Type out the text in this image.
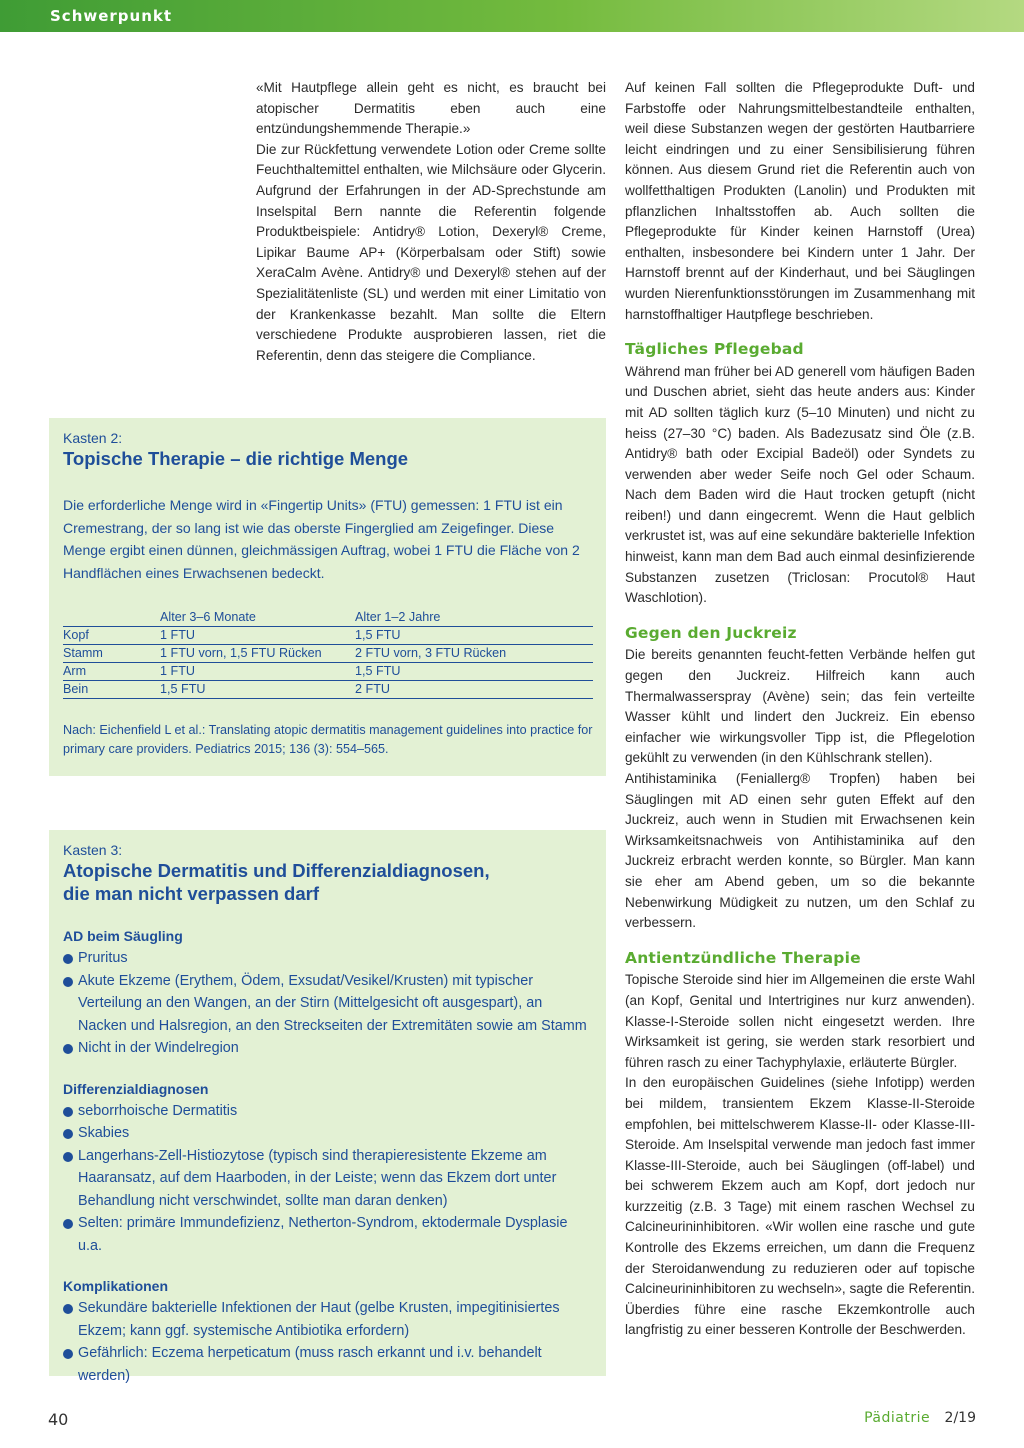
Schwerpunkt

«Mit Hautpflege allein geht es nicht, es braucht bei atopischer Dermatitis eben auch eine entzündungshemmende Therapie.»

Die zur Rückfettung verwendete Lotion oder Creme sollte Feuchthaltemittel enthalten, wie Milchsäure oder Glycerin. Aufgrund der Erfahrungen in der AD-Sprechstunde am Inselspital Bern nannte die Referentin folgende Produktbeispiele: Antidry® Lotion, Dexeryl® Creme, Lipikar Baume AP+ (Körperbalsam oder Stift) sowie XeraCalm Avène. Antidry® und Dexeryl® stehen auf der Spezialitätenliste (SL) und werden mit einer Limitatio von der Krankenkasse bezahlt. Man sollte die Eltern verschiedene Produkte ausprobieren lassen, riet die Referentin, denn das steigere die Compliance.

Kasten 2:
Topische Therapie – die richtige Menge
Die erforderliche Menge wird in «Fingertip Units» (FTU) gemessen: 1 FTU ist ein Cremestrang, der so lang ist wie das oberste Fingerglied am Zeigefinger. Diese Menge ergibt einen dünnen, gleichmässigen Auftrag, wobei 1 FTU die Fläche von 2 Handflächen eines Erwachsenen bedeckt.
	Alter 3–6 Monate	Alter 1–2 Jahre
Kopf	1 FTU	1,5 FTU
Stamm	1 FTU vorn, 1,5 FTU Rücken	2 FTU vorn, 3 FTU Rücken
Arm	1 FTU	1,5 FTU
Bein	1,5 FTU	2 FTU
Nach: Eichenfield L et al.: Translating atopic dermatitis management guidelines into practice for primary care providers. Pediatrics 2015; 136 (3): 554–565.
Kasten 3:
Atopische Dermatitis und Differenzialdiagnosen,
die man nicht verpassen darf
AD beim Säugling
Pruritus
Akute Ekzeme (Erythem, Ödem, Exsudat/Vesikel/Krusten) mit typischer Verteilung an den Wangen, an der Stirn (Mittelgesicht oft ausgespart), an Nacken und Halsregion, an den Streckseiten der Extremitäten sowie am Stamm
Nicht in der Windelregion
Differenzialdiagnosen
seborrhoische Dermatitis
Skabies
Langerhans-Zell-Histiozytose (typisch sind therapieresistente Ekzeme am Haaransatz, auf dem Haarboden, in der Leiste; wenn das Ekzem dort unter Behandlung nicht verschwindet, sollte man daran denken)
Selten: primäre Immundefizienz, Netherton-Syndrom, ektodermale Dysplasie u.a.
Komplikationen
Sekundäre bakterielle Infektionen der Haut (gelbe Krusten, impegitinisiertes Ekzem; kann ggf. systemische Antibiotika erfordern)
Gefährlich: Eczema herpeticatum (muss rasch erkannt und i.v. behandelt werden)

Auf keinen Fall sollten die Pflegeprodukte Duft- und Farbstoffe oder Nahrungsmittelbestandteile enthalten, weil diese Substanzen wegen der gestörten Hautbarriere leicht eindringen und zu einer Sensibilisierung führen können. Aus diesem Grund riet die Referentin auch von wollfetthaltigen Produkten (Lanolin) und Produkten mit pflanzlichen Inhaltsstoffen ab. Auch sollten die Pflegeprodukte für Kinder keinen Harnstoff (Urea) enthalten, insbesondere bei Kindern unter 1 Jahr. Der Harnstoff brennt auf der Kinderhaut, und bei Säuglingen wurden Nierenfunktionsstörungen im Zusammenhang mit harnstoffhaltiger Hautpflege beschrieben.

Tägliches Pflegebad

Während man früher bei AD generell vom häufigen Baden und Duschen abriet, sieht das heute anders aus: Kinder mit AD sollten täglich kurz (5–10 Minuten) und nicht zu heiss (27–30 °C) baden. Als Badezusatz sind Öle (z.B. Antidry® bath oder Excipial Badeöl) oder Syndets zu verwenden aber weder Seife noch Gel oder Schaum. Nach dem Baden wird die Haut trocken getupft (nicht reiben!) und dann eingecremt. Wenn die Haut gelblich verkrustet ist, was auf eine sekundäre bakterielle Infektion hinweist, kann man dem Bad auch einmal desinfizierende Substanzen zusetzen (Triclosan: Procutol® Haut Waschlotion).

Gegen den Juckreiz

Die bereits genannten feucht-fetten Verbände helfen gut gegen den Juckreiz. Hilfreich kann auch Thermalwasserspray (Avène) sein; das fein verteilte Wasser kühlt und lindert den Juckreiz. Ein ebenso einfacher wie wirkungsvoller Tipp ist, die Pflegelotion gekühlt zu verwenden (in den Kühlschrank stellen).

Antihistaminika (Feniallerg® Tropfen) haben bei Säuglingen mit AD einen sehr guten Effekt auf den Juckreiz, auch wenn in Studien mit Erwachsenen kein Wirksamkeitsnachweis von Antihistaminika auf den Juckreiz erbracht werden konnte, so Bürgler. Man kann sie eher am Abend geben, um so die bekannte Nebenwirkung Müdigkeit zu nutzen, um den Schlaf zu verbessern.

Antientzündliche Therapie

Topische Steroide sind hier im Allgemeinen die erste Wahl (an Kopf, Genital und Intertrigines nur kurz anwenden). Klasse-I-Steroide sollen nicht eingesetzt werden. Ihre Wirksamkeit ist gering, sie werden stark resorbiert und führen rasch zu einer Tachyphylaxie, erläuterte Bürgler.

In den europäischen Guidelines (siehe Infotipp) werden bei mildem, transientem Ekzem Klasse-II-Steroide empfohlen, bei mittelschwerem Klasse-II- oder Klasse-III-Steroide. Am Inselspital verwende man jedoch fast immer Klasse-III-Steroide, auch bei Säuglingen (off-label) und bei schwerem Ekzem auch am Kopf, dort jedoch nur kurzzeitig (z.B. 3 Tage) mit einem raschen Wechsel zu Calcineurininhibitoren. «Wir wollen eine rasche und gute Kontrolle des Ekzems erreichen, um dann die Frequenz der Steroidanwendung zu reduzieren oder auf topische Calcineurininhibitoren zu wechseln», sagte die Referentin. Überdies führe eine rasche Ekzemkontrolle auch langfristig zu einer besseren Kontrolle der Beschwerden.

40	Pädiatrie 2/19
